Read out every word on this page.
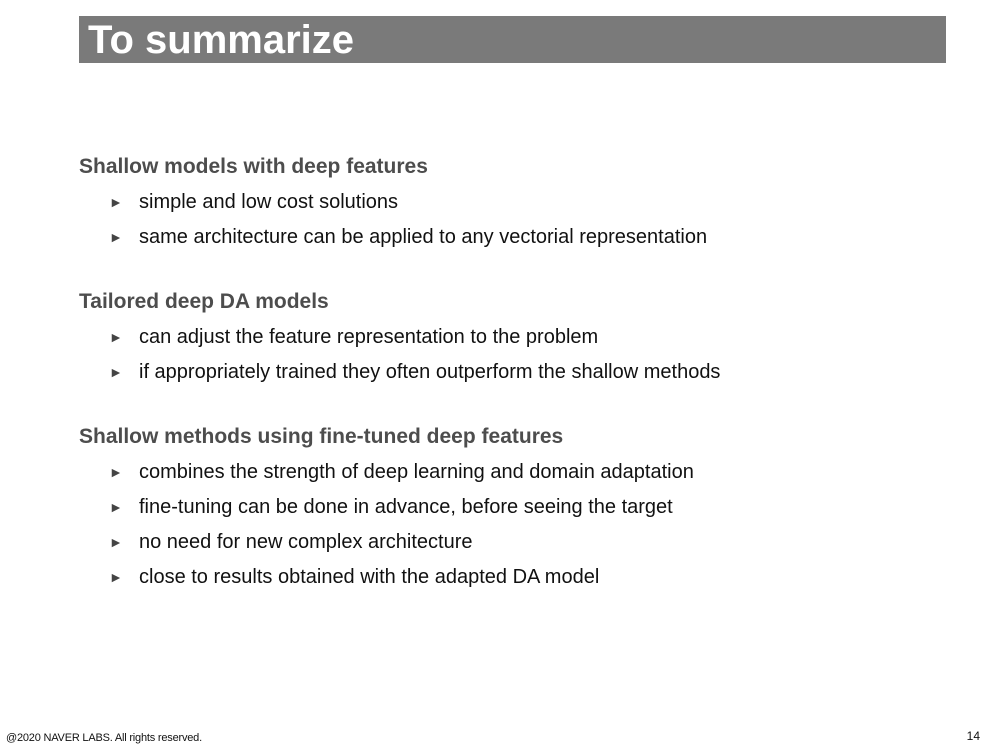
To summarize
Shallow models with deep features
► simple and low cost solutions
► same architecture can be applied to any vectorial representation
Tailored deep DA models
► can adjust the feature representation to the problem
► if appropriately trained they often outperform the shallow methods
Shallow methods using fine-tuned deep features
► combines the strength of deep learning and domain adaptation
► fine-tuning can be done in advance, before seeing the target
► no need for new complex architecture
► close to results obtained with the adapted DA model
@2020 NAVER LABS. All rights reserved.	14
